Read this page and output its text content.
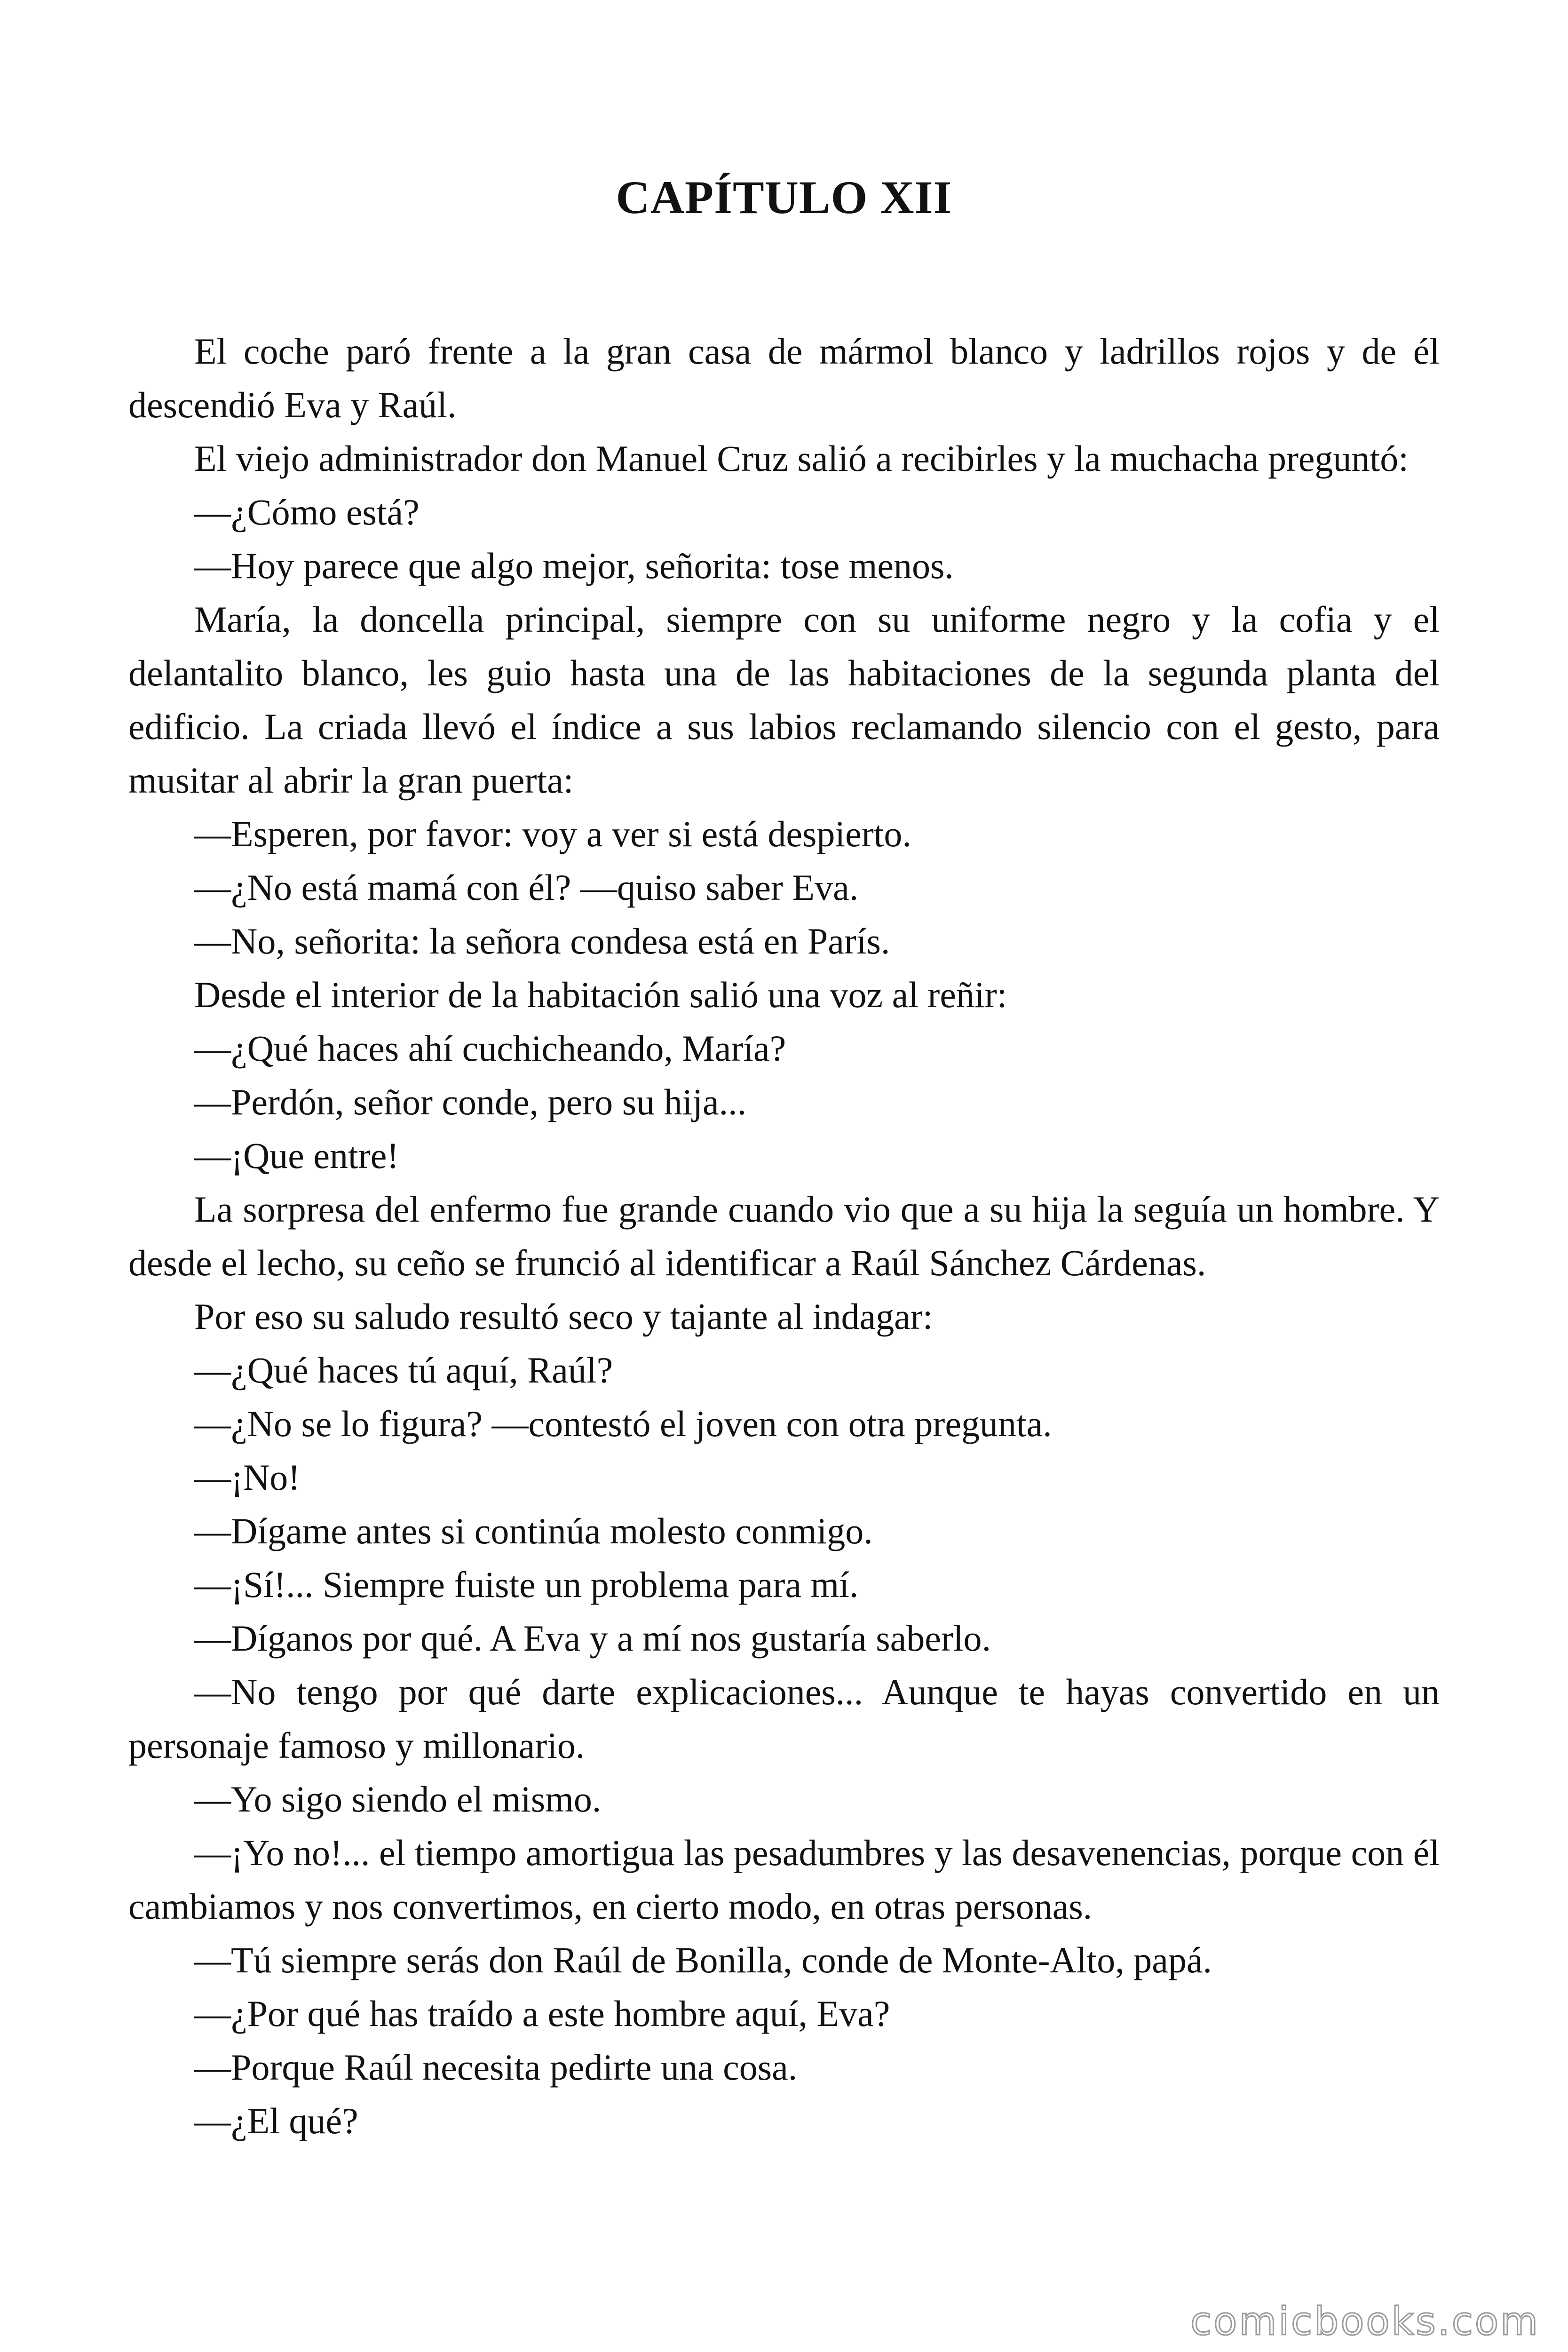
CAPÍTULO XII

El coche paró frente a la gran casa de mármol blanco y ladrillos rojos y de él descendió Eva y Raúl.

El viejo administrador don Manuel Cruz salió a recibirles y la muchacha preguntó:

—¿Cómo está?

—Hoy parece que algo mejor, señorita: tose menos.

María, la doncella principal, siempre con su uniforme negro y la cofia y el delantalito blanco, les guio hasta una de las habitaciones de la segunda planta del edificio. La criada llevó el índice a sus labios reclamando silencio con el gesto, para musitar al abrir la gran puerta:

—Esperen, por favor: voy a ver si está despierto.

—¿No está mamá con él? —quiso saber Eva.

—No, señorita: la señora condesa está en París.

Desde el interior de la habitación salió una voz al reñir:

—¿Qué haces ahí cuchicheando, María?

—Perdón, señor conde, pero su hija...

—¡Que entre!

La sorpresa del enfermo fue grande cuando vio que a su hija la seguía un hombre. Y desde el lecho, su ceño se frunció al identificar a Raúl Sánchez Cárdenas.

Por eso su saludo resultó seco y tajante al indagar:

—¿Qué haces tú aquí, Raúl?

—¿No se lo figura? —contestó el joven con otra pregunta.

—¡No!

—Dígame antes si continúa molesto conmigo.

—¡Sí!... Siempre fuiste un problema para mí.

—Díganos por qué. A Eva y a mí nos gustaría saberlo.

—No tengo por qué darte explicaciones... Aunque te hayas convertido en un personaje famoso y millonario.

—Yo sigo siendo el mismo.

—¡Yo no!... el tiempo amortigua las pesadumbres y las desavenencias, porque con él cambiamos y nos convertimos, en cierto modo, en otras personas.

—Tú siempre serás don Raúl de Bonilla, conde de Monte-Alto, papá.

—¿Por qué has traído a este hombre aquí, Eva?

—Porque Raúl necesita pedirte una cosa.

—¿El qué?

comicbooks.com
